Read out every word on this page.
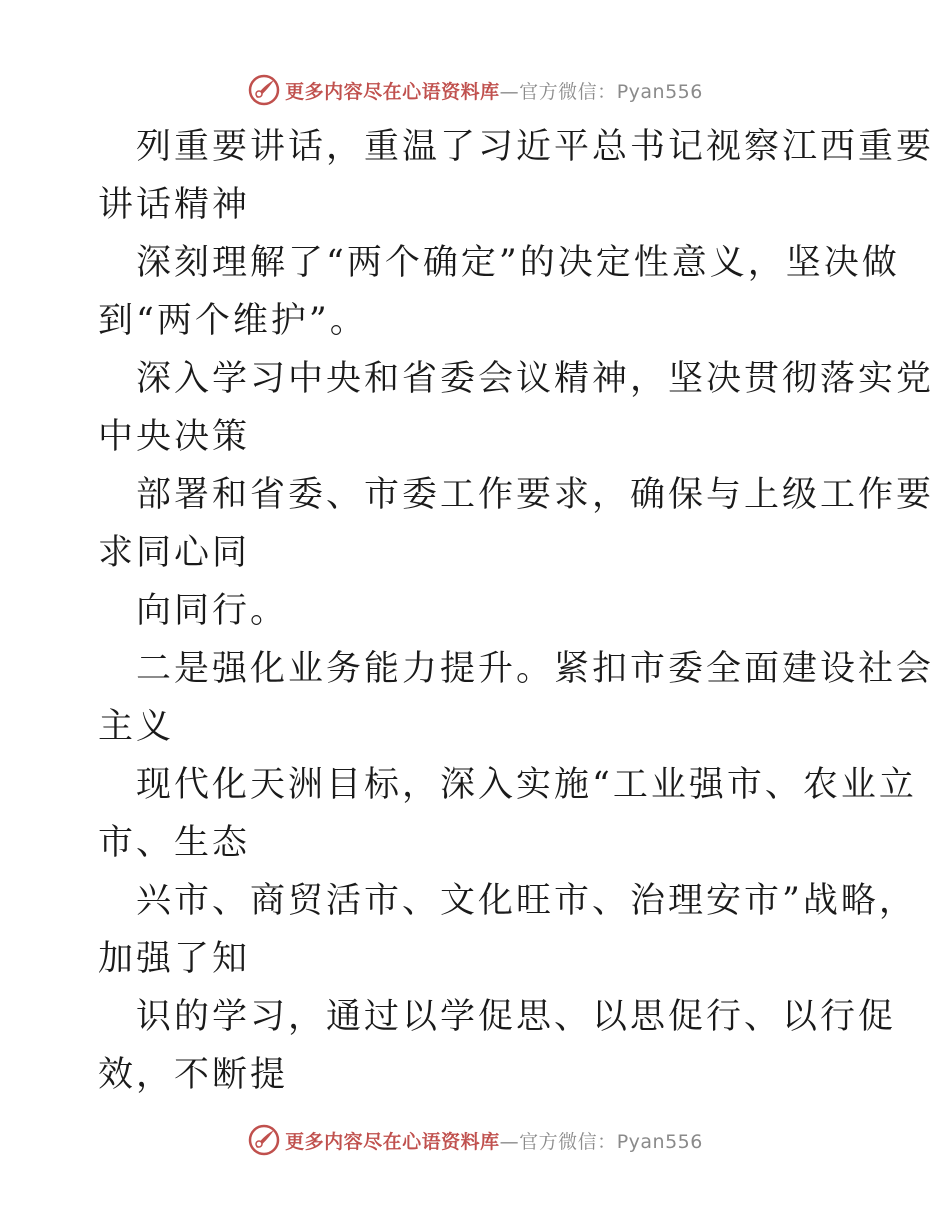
更多内容尽在心语资料库—官方微信：Pyan556
列重要讲话，重温了习近平总书记视察江西重要
讲话精神
深刻理解了“两个确定”的决定性意义，坚决做
到“两个维护”。
深入学习中央和省委会议精神，坚决贯彻落实党
中央决策
部署和省委、市委工作要求，确保与上级工作要
求同心同
向同行。
二是强化业务能力提升。紧扣市委全面建设社会
主义
现代化天洲目标，深入实施“工业强市、农业立
市、生态
兴市、商贸活市、文化旺市、治理安市”战略，
加强了知
识的学习，通过以学促思、以思促行、以行促
效，不断提
更多内容尽在心语资料库—官方微信：Pyan556
